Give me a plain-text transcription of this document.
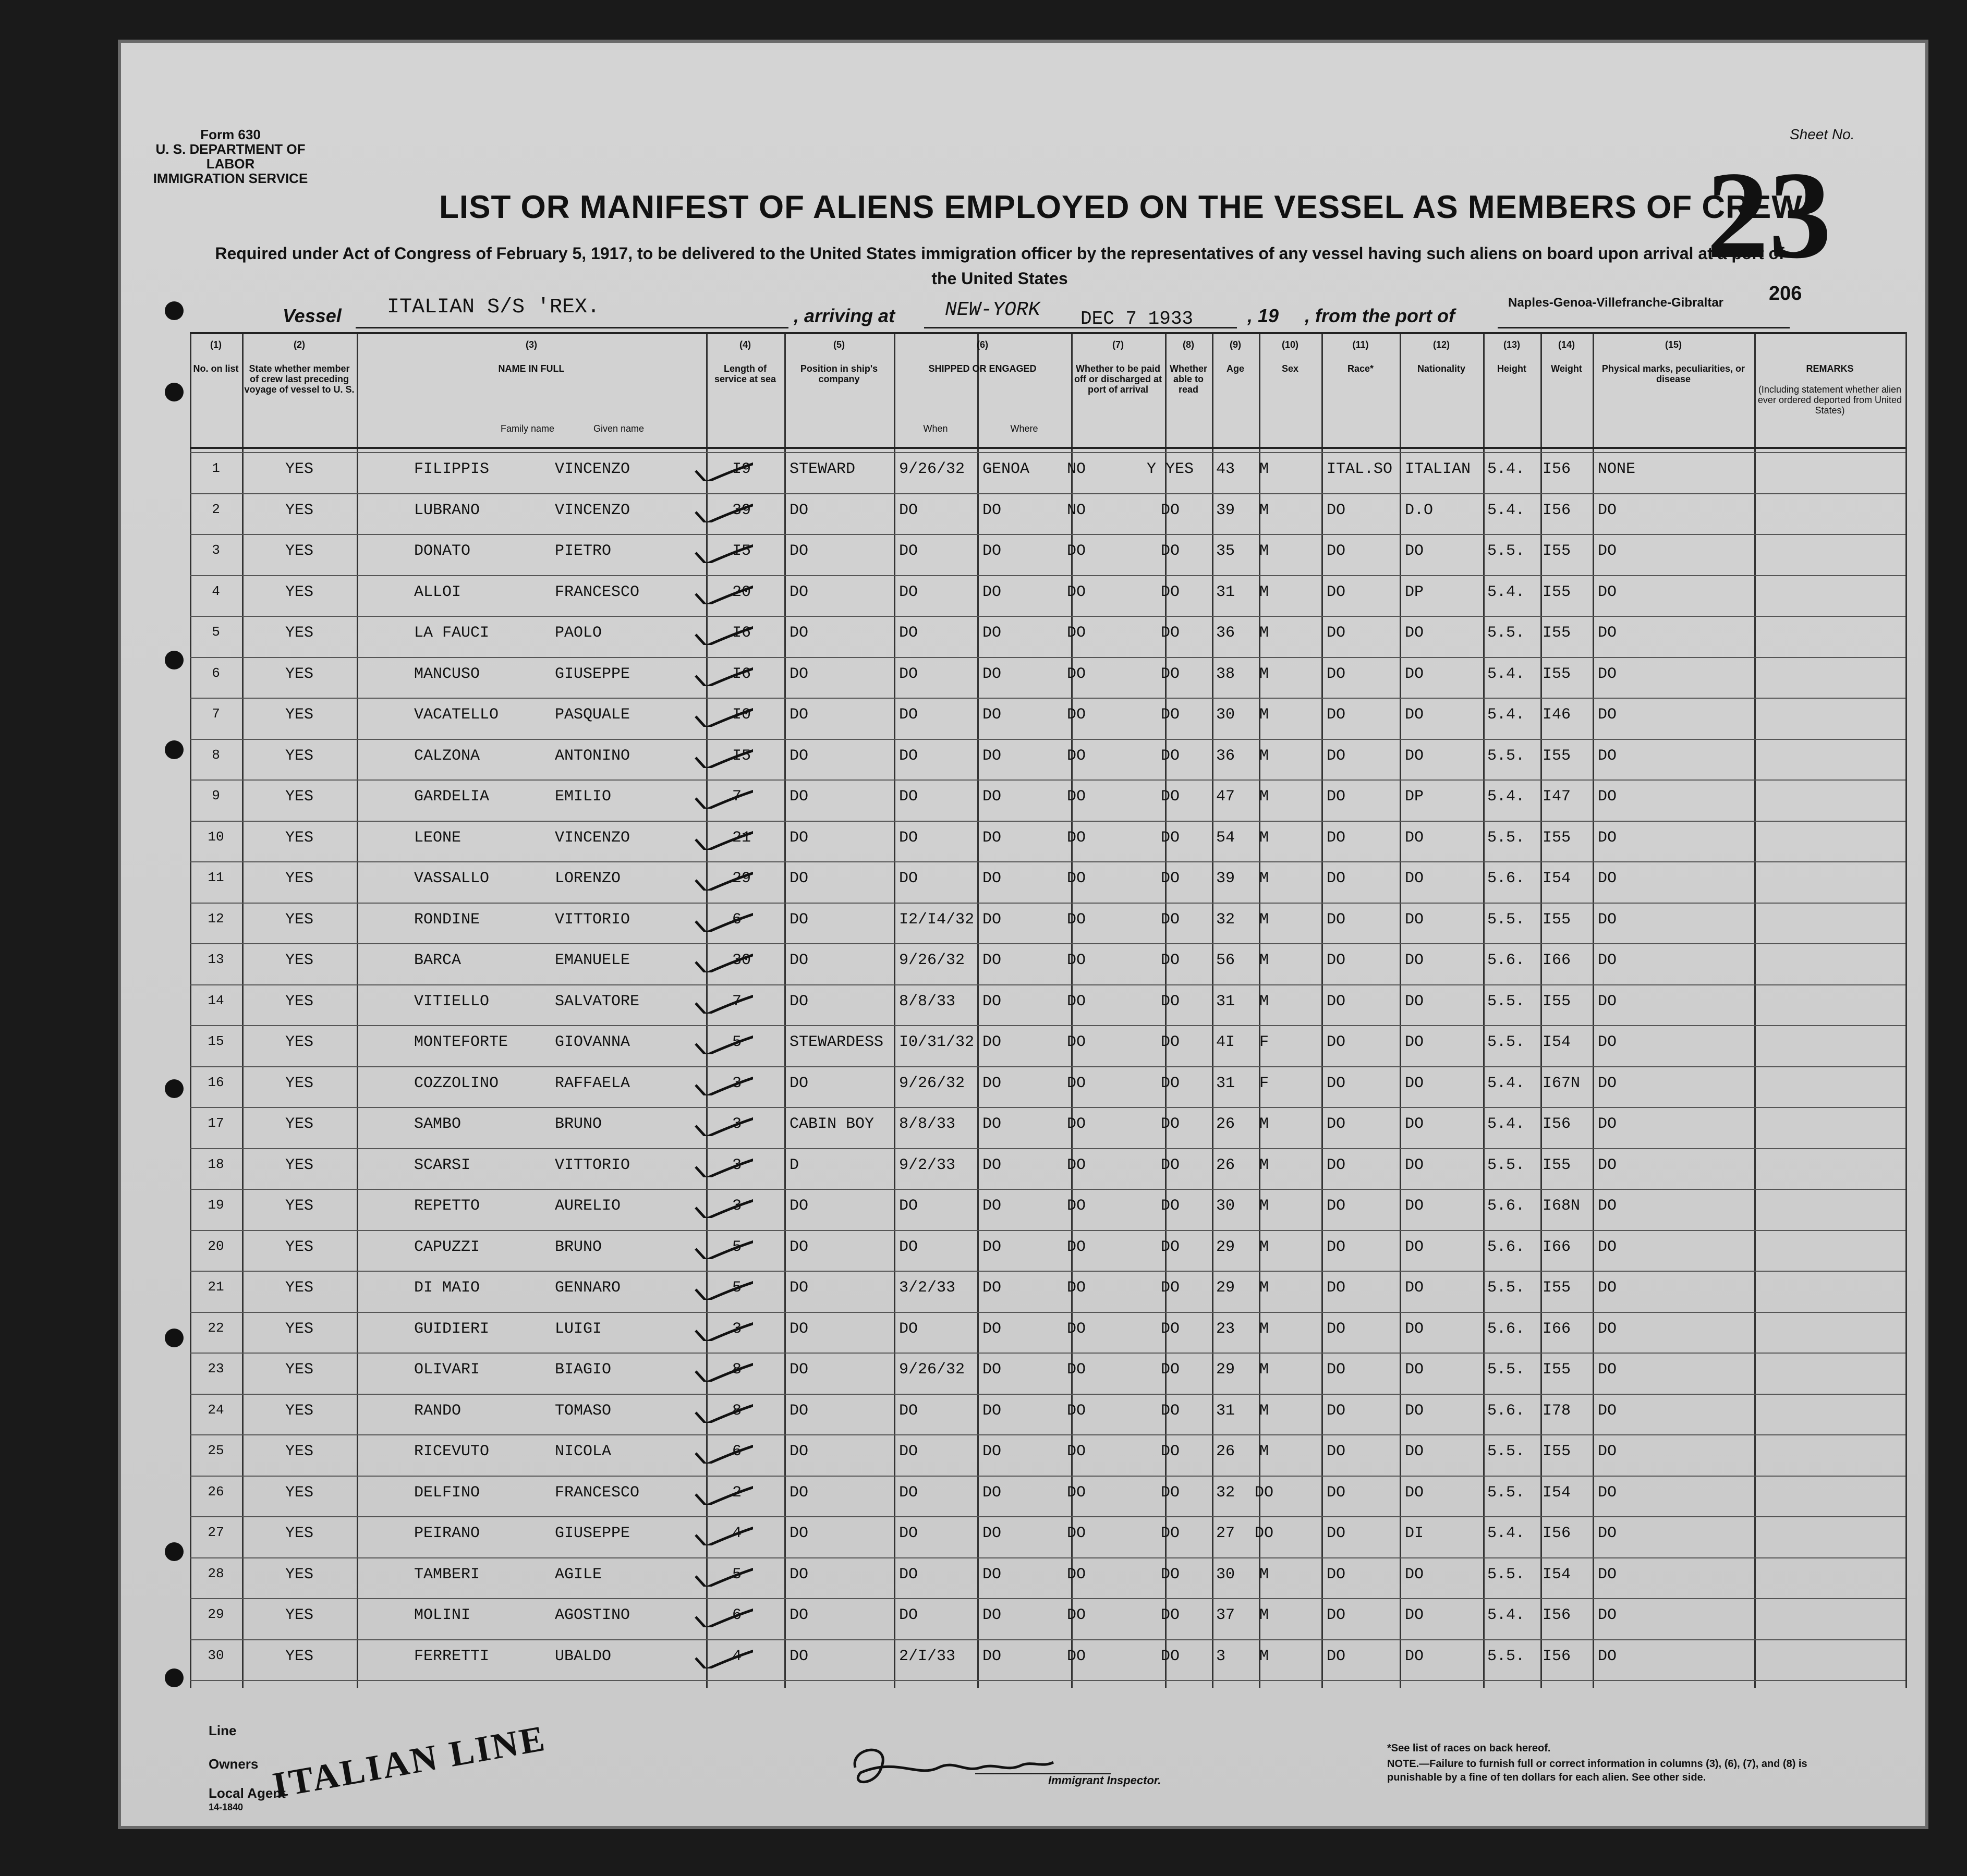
Form 630
U. S. DEPARTMENT OF LABOR
IMMIGRATION SERVICE
LIST OR MANIFEST OF ALIENS EMPLOYED ON THE VESSEL AS MEMBERS OF CREW
Required under Act of Congress of February 5, 1917, to be delivered to the United States immigration officer by the representatives of any vessel having such aliens on board upon arrival at a port of the United States
Sheet No.
23
206
Vessel ITALIAN S/S 'REX.	, arriving at	NEW-YORK DEC 7 1933	, 19 , from the port of
Naples-Genoa-Villefranche-Gibraltar
(1)
No. on list
(2)
State whether member of crew last preceding voyage of vessel to U. S.
(3)
NAME IN FULL
(4)
Length of service at sea
(5)
Position in ship's company
(6)
SHIPPED OR ENGAGED
(7)
Whether to be paid off or discharged at port of arrival
(8)
Whether able to read
(9)
Age
(10)
Sex
(11)
Race*
(12)
Nationality
(13)
Height
(14)
Weight
(15)
Physical marks, peculiarities, or disease
REMARKS
Family name	Given name	When	Where
(Including statement whether alien ever ordered deported from United States)
1	YES	FILIPPIS	VINCENZO	I9 STEWARD	9/26/32 GENOA	NO	Y YES	43	M	ITAL.SO ITALIAN 5.4. I56 NONE
2	YES	LUBRANO	VINCENZO	39 DO	DO	DO	NO	DO	39	M	DO	D.O	5.4. I56 DO
3	YES	DONATO	PIETRO	I5 DO	DO	DO	DO	DO	35	M	DO	DO	5.5. I55 DO
4	YES	ALLOI	FRANCESCO	20 DO	DO	DO	DO	DO	31	M	DO	DP	5.4. I55 DO
5	YES	LA FAUCI	PAOLO	I6 DO	DO	DO	DO	DO	36	M	DO	DO	5.5. I55 DO
6	YES	MANCUSO	GIUSEPPE	I6 DO	DO	DO	DO	DO	38	M	DO	DO	5.4. I55 DO
7	YES	VACATELLO	PASQUALE	I0 DO	DO	DO	DO	DO	30	M	DO	DO	5.4. I46 DO
8	YES	CALZONA	ANTONINO	I5 DO	DO	DO	DO	DO	36	M	DO	DO	5.5. I55 DO
9	YES	GARDELIA	EMILIO	7	DO	DO	DO	DO	DO	47	M	DO	DP	5.4. I47 DO
10	YES	LEONE	VINCENZO	21 DO	DO	DO	DO	DO	54	M	DO	DO	5.5. I55 DO
11	YES	VASSALLO	LORENZO	29 DO	DO	DO	DO	DO	39	M	DO	DO	5.6. I54 DO
12	YES	RONDINE	VITTORIO	6	DO	I2/I4/32 DO	DO	DO	32	M	DO	DO	5.5. I55 DO
13	YES	BARCA	EMANUELE	30 DO	9/26/32 DO	DO	DO	56	M	DO	DO	5.6. I66 DO
14	YES	VITIELLO	SALVATORE	7	DO	8/8/33 DO	DO	DO	31	M	DO	DO	5.5. I55 DO
15	YES	MONTEFORTE	GIOVANNA	5	STEWARDESS I0/31/32 DO	DO	DO	4I	F	DO	DO	5.5. I54 DO
16	YES	COZZOLINO	RAFFAELA	3	DO	9/26/32 DO	DO	DO	31	F	DO	DO	5.4. I67N DO
17	YES	SAMBO	BRUNO	3	CABIN BOY 8/8/33 DO	DO	DO	26	M	DO	DO	5.4. I56 DO
18	YES	SCARSI	VITTORIO	3	D	9/2/33 DO	DO	DO	26	M	DO	DO	5.5. I55 DO
19	YES	REPETTO	AURELIO	3	DO	DO	DO	DO	DO	30	M	DO	DO	5.6. I68N DO
20	YES	CAPUZZI	BRUNO	5	DO	DO	DO	DO	DO	29	M	DO	DO	5.6. I66 DO
21	YES	DI MAIO	GENNARO	5	DO	3/2/33 DO	DO	DO	29	M	DO	DO	5.5. I55 DO
22	YES	GUIDIERI	LUIGI	3	DO	DO	DO	DO	DO	23	M	DO	DO	5.6. I66 DO
23	YES	OLIVARI	BIAGIO	8	DO	9/26/32 DO	DO	DO	29	M	DO	DO	5.5. I55 DO
24	YES	RANDO	TOMASO	8	DO	DO	DO	DO	DO	31	M	DO	DO	5.6. I78 DO
25	YES	RICEVUTO	NICOLA	6	DO	DO	DO	DO	DO	26	M	DO	DO	5.5. I55 DO
26	YES	DELFINO	FRANCESCO	2	DO	DO	DO	DO	DO	32	DO	DO	DO	5.5. I54 DO
27	YES	PEIRANO	GIUSEPPE	4	DO	DO	DO	DO	DO	27	DO	DO	DI	5.4. I56 DO
28	YES	TAMBERI	AGILE	5	DO	DO	DO	DO	DO	30	M	DO	DO	5.5. I54 DO
29	YES	MOLINI	AGOSTINO	6	DO	DO	DO	DO	DO	37	M	DO	DO	5.4. I56 DO
30	YES	FERRETTI	UBALDO	4	DO	2/I/33 DO	DO	DO	3	M	DO	DO	5.5. I56 DO
ITALIAN LINE
Line
Owners
Local Agent
14-1840
Immigrant Inspector.
*See list of races on back hereof.
NOTE.—Failure to furnish full or correct information in columns (3), (6), (7), and (8) is punishable by a fine of ten dollars for each alien. See other side.
